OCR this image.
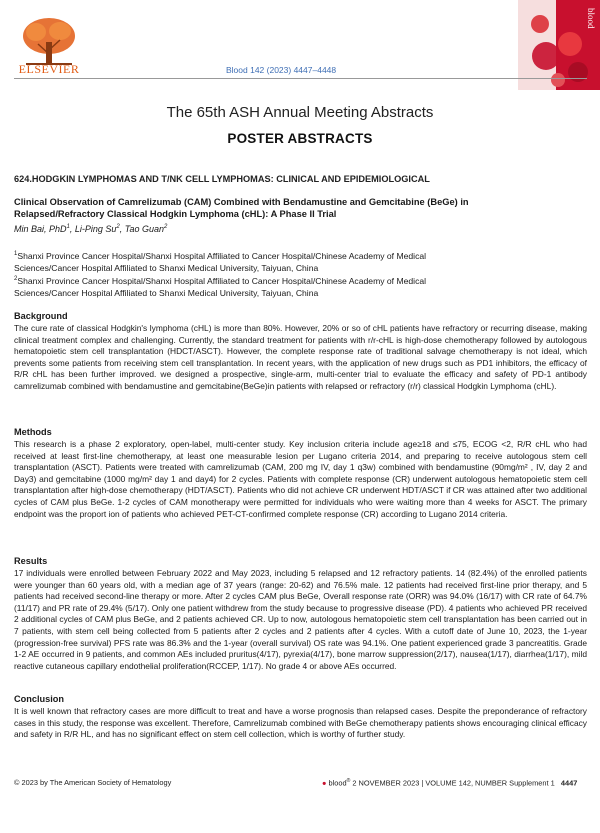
ELSEVIER	Blood 142 (2023) 4447–4448
blood
The 65th ASH Annual Meeting Abstracts
POSTER ABSTRACTS
624.HODGKIN LYMPHOMAS AND T/NK CELL LYMPHOMAS: CLINICAL AND EPIDEMIOLOGICAL
Clinical Observation of Camrelizumab (CAM) Combined with Bendamustine and Gemcitabine (BeGe) in
Relapsed/Refractory Classical Hodgkin Lymphoma (cHL): A Phase II Trial
Min Bai, PhD$^1$, Li-Ping Su$^2$, Tao Guan$^2$
$^1$Shanxi Province Cancer Hospital/Shanxi Hospital Affiliated to Cancer Hospital/Chinese Academy of Medical
Sciences/Cancer Hospital Affiliated to Shanxi Medical University, Taiyuan, China
$^2$Shanxi Province Cancer Hospital/Shanxi Hospital Affiliated to Cancer Hospital/Chinese Academy of Medical
Sciences/Cancer Hospital Affiliated to Shanxi Medical University, Taiyuan, China
Background
The cure rate of classical Hodgkin's lymphoma (cHL) is more than 80%. However, 20% or so of cHL patients have refractory or recurring disease, making clinical treatment complex and challenging. Currently, the standard treatment for patients with r/r-cHL is high-dose chemotherapy followed by autologous hematopoietic stem cell transplantation (HDCT/ASCT). However, the complete response rate of traditional salvage chemotherapy is not ideal, which prevents some patients from receiving stem cell transplantation. In recent years, with the application of new drugs such as PD1 inhibitors, the efficacy of R/R cHL has been further improved. we designed a prospective, single-arm, multi-center trial to evaluate the efficacy and safety of PD-1 antibody camrelizumab combined with bendamustine and gemcitabine(BeGe)in patients with relapsed or refractory (r/r) classical Hodgkin Lymphoma (cHL).
Methods
This research is a phase 2 exploratory, open-label, multi-center study. Key inclusion criteria include age≥18 and ≤75, ECOG <2, R/R cHL who had received at least first-line chemotherapy, at least one measurable lesion per Lugano criteria 2014, and preparing to receive autologous stem cell transplantation (ASCT). Patients were treated with camrelizumab (CAM, 200 mg IV, day 1 q3w) combined with bendamustine (90mg/m² , IV, day 2 and Day3) and gemcitabine (1000 mg/m² day 1 and day4) for 2 cycles. Patients with complete response (CR) underwent autologous hematopoietic stem cell transplantation after high-dose chemotherapy (HDT/ASCT). Patients who did not achieve CR underwent HDT/ASCT if CR was attained after two additional cycles of CAM plus BeGe. 1-2 cycles of CAM monotherapy were permitted for individuals who were waiting more than 4 weeks for ASCT. The primary endpoint was the proport ion of patients who achieved PET-CT-confirmed complete response (CR) according to Lugano 2014 criteria.
Results
17 individuals were enrolled between February 2022 and May 2023, including 5 relapsed and 12 refractory patients. 14 (82.4%) of the enrolled patients were younger than 60 years old, with a median age of 37 years (range: 20-62) and 76.5% male. 12 patients had received first-line prior therapy, and 5 patients had received second-line therapy or more. After 2 cycles CAM plus BeGe, Overall response rate (ORR) was 94.0% (16/17) with CR rate of 64.7% (11/17) and PR rate of 29.4% (5/17). Only one patient withdrew from the study because to progressive disease (PD). 4 patients who achieved PR received 2 additional cycles of CAM plus BeGe, and 2 patients achieved CR. Up to now, autologous hematopoietic stem cell transplantation has been carried out in 7 patients, with stem cell being collected from 5 patients after 2 cycles and 2 patients after 4 cycles. With a cutoff date of June 10, 2023, the 1-year (progression-free survival) PFS rate was 86.3% and the 1-year (overall survival) OS rate was 94.1%. One patient experienced grade 3 pancreatitis. Grade 1-2 AE occurred in 9 patients, and common AEs included pruritus(4/17), pyrexia(4/17), bone marrow suppression(2/17), nausea(1/17), diarrhea(1/17), mild reactive cutaneous capillary endothelial proliferation(RCCEP, 1/17). No grade 4 or above AEs occurred.
Conclusion
It is well known that refractory cases are more difficult to treat and have a worse prognosis than relapsed cases. Despite the preponderance of refractory cases in this study, the response was excellent. Therefore, Camrelizumab combined with BeGe chemotherapy patients shows encouraging clinical efficacy and safety in R/R HL, and has no significant effect on stem cell collection, which is worthy of further study.
© 2023 by The American Society of Hematology	● blood® 2 NOVEMBER 2023 | VOLUME 142, NUMBER Supplement 1 4447
